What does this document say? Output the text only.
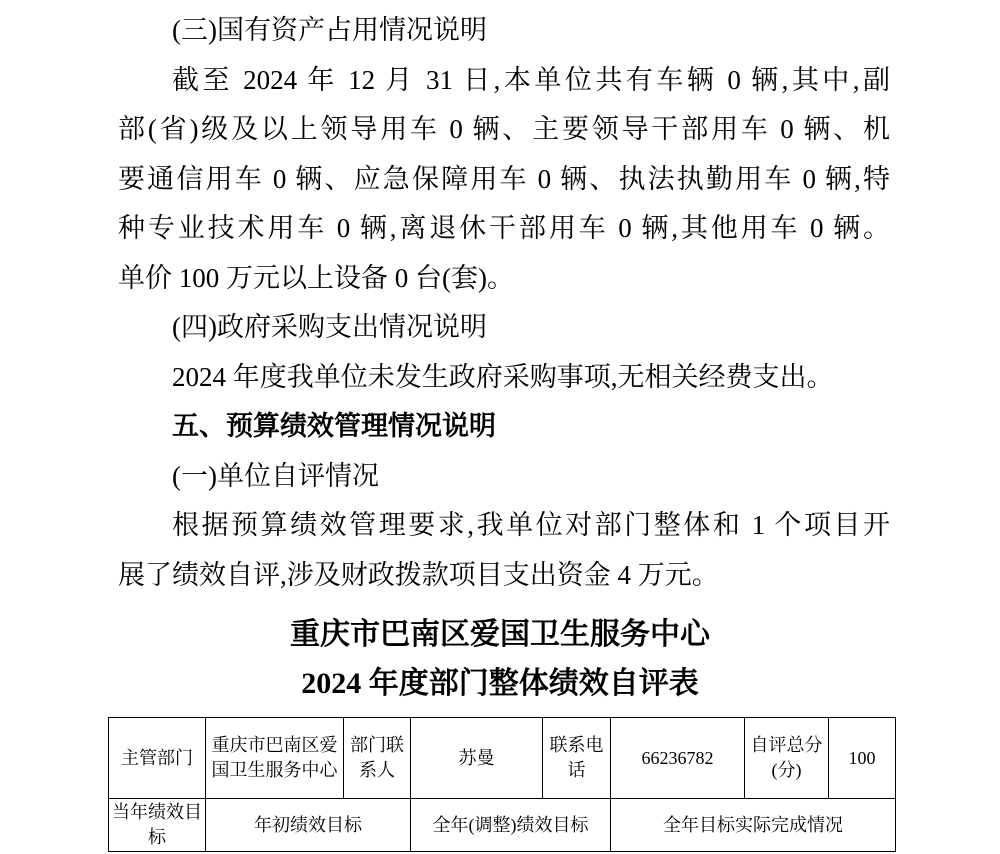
(三)国有资产占用情况说明
截至 2024 年 12 月 31 日,本单位共有车辆 0 辆,其中,副
部(省)级及以上领导用车 0 辆、主要领导干部用车 0 辆、机
要通信用车 0 辆、应急保障用车 0 辆、执法执勤用车 0 辆,特
种专业技术用车 0 辆,离退休干部用车 0 辆,其他用车 0 辆。
单价 100 万元以上设备 0 台(套)。
(四)政府采购支出情况说明
2024 年度我单位未发生政府采购事项,无相关经费支出。
五、预算绩效管理情况说明
(一)单位自评情况
根据预算绩效管理要求,我单位对部门整体和 1 个项目开
展了绩效自评,涉及财政拨款项目支出资金 4 万元。
重庆市巴南区爱国卫生服务中心
2024 年度部门整体绩效自评表
主管部门	重庆市巴南区爱国卫生服务中心	部门联系人	苏曼	联系电话	66236782	自评总分(分)	100
当年绩效目标	年初绩效目标		全年(调整)绩效目标		全年目标实际完成情况		
